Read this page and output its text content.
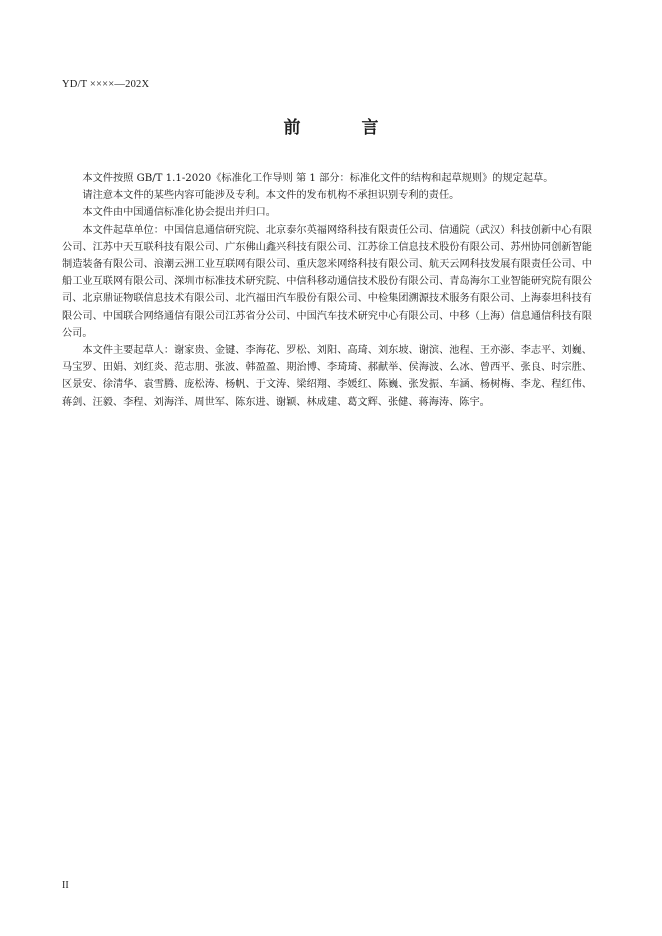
YD/T ××××—202X
前　言

本文件按照 GB/T 1.1-2020《标准化工作导则 第 1 部分：标准化文件的结构和起草规则》的规定起草。

请注意本文件的某些内容可能涉及专利。本文件的发布机构不承担识别专利的责任。

本文件由中国通信标准化协会提出并归口。

本文件起草单位：中国信息通信研究院、北京泰尔英福网络科技有限责任公司、信通院（武汉）科技创新中心有限公司、江苏中天互联科技有限公司、广东佛山鑫兴科技有限公司、江苏徐工信息技术股份有限公司、苏州协同创新智能制造装备有限公司、浪潮云洲工业互联网有限公司、重庆忽米网络科技有限公司、航天云网科技发展有限责任公司、中船工业互联网有限公司、深圳市标准技术研究院、中信科移动通信技术股份有限公司、青岛海尔工业智能研究院有限公司、北京鼎证物联信息技术有限公司、北汽福田汽车股份有限公司、中检集团溯源技术服务有限公司、上海泰坦科技有限公司、中国联合网络通信有限公司江苏省分公司、中国汽车技术研究中心有限公司、中移（上海）信息通信科技有限公司。

本文件主要起草人：谢家贵、金键、李海花、罗松、刘阳、高琦、刘东坡、谢滨、池程、王亦澎、李志平、刘巍、马宝罗、田娟、刘红炎、范志朋、张波、韩盈盈、期治博、李琦琦、郝献举、侯海波、么冰、曾西平、张良、时宗胜、区景安、徐清华、袁雪腾、庞松涛、杨帆、于文涛、梁绍翔、李媛红、陈巍、张发振、车涵、杨树梅、李龙、程红伟、蒋剑、汪毅、李程、刘海洋、周世军、陈东进、谢颖、林成建、葛文辉、张健、蒋海涛、陈宇。

II
